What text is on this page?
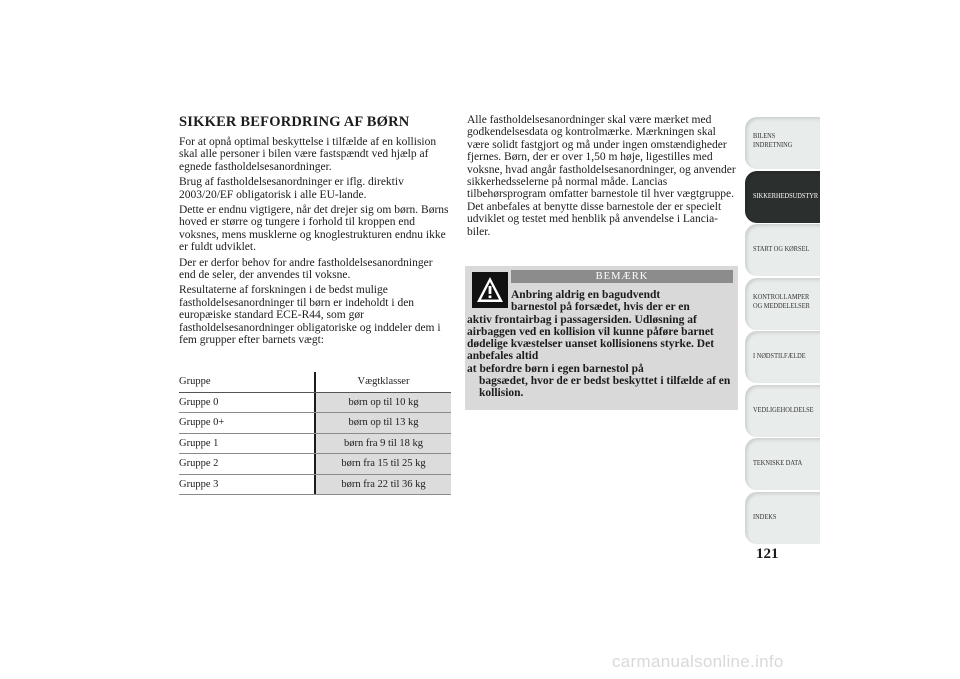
SIKKER BEFORDRING AF BØRN

For at opnå optimal beskyttelse i tilfælde af en kollision skal alle personer i bilen være fastspændt ved hjælp af egnede fastholdelsesanordninger.

Brug af fastholdelsesanordninger er iflg. direktiv 2003/20/EF obligatorisk i alle EU-lande.

Dette er endnu vigtigere, når det drejer sig om børn. Børns hoved er større og tungere i forhold til kroppen end voksnes, mens musklerne og knoglestrukturen endnu ikke er fuldt udviklet.

Der er derfor behov for andre fastholdelsesanordninger end de seler, der anvendes til voksne.

Resultaterne af forskningen i de bedst mulige fastholdelsesanordninger til børn er indeholdt i den europæiske standard ECE-R44, som gør fastholdelsesanordninger obligatoriske og inddeler dem i fem grupper efter barnets vægt:

Gruppe		Vægtklasser
Gruppe 0		børn op til 10 kg
Gruppe 0+		børn op til 13 kg
Gruppe 1		børn fra 9 til 18 kg
Gruppe 2		børn fra 15 til 25 kg
Gruppe 3		børn fra 22 til 36 kg

Alle fastholdelsesanordninger skal være mærket med godkendelsesdata og kontrolmærke. Mærkningen skal være solidt fastgjort og må under ingen omstændigheder fjernes. Børn, der er over 1,50 m høje, ligestilles med voksne, hvad angår fastholdelsesanordninger, og anvender sikkerhedsselerne på normal måde. Lancias tilbehørsprogram omfatter barnestole til hver vægtgruppe. Det anbefales at benytte disse barnestole der er specielt udviklet og testet med henblik på anvendelse i Lancia-biler.

BEMÆRK
Anbring aldrig en bagudvendt
barnestol på forsædet, hvis der er en
aktiv frontairbag i passagersiden. Udløsning af airbaggen ved en kollision vil kunne påføre barnet dødelige kvæstelser uanset kollisionens styrke. Det anbefales altid
at befordre børn i egen barnestol på
bagsædet, hvor de er bedst beskyttet i tilfælde af en kollision.
BILENS
INDRETNING
SIKKERHEDSUDSTYR
START OG KØRSEL
KONTROLLAMPER
OG MEDDELELSER
I NØDSTILFÆLDE
VEDLIGEHOLDELSE
TEKNISKE DATA
INDEKS
121
carmanualsonline.info
